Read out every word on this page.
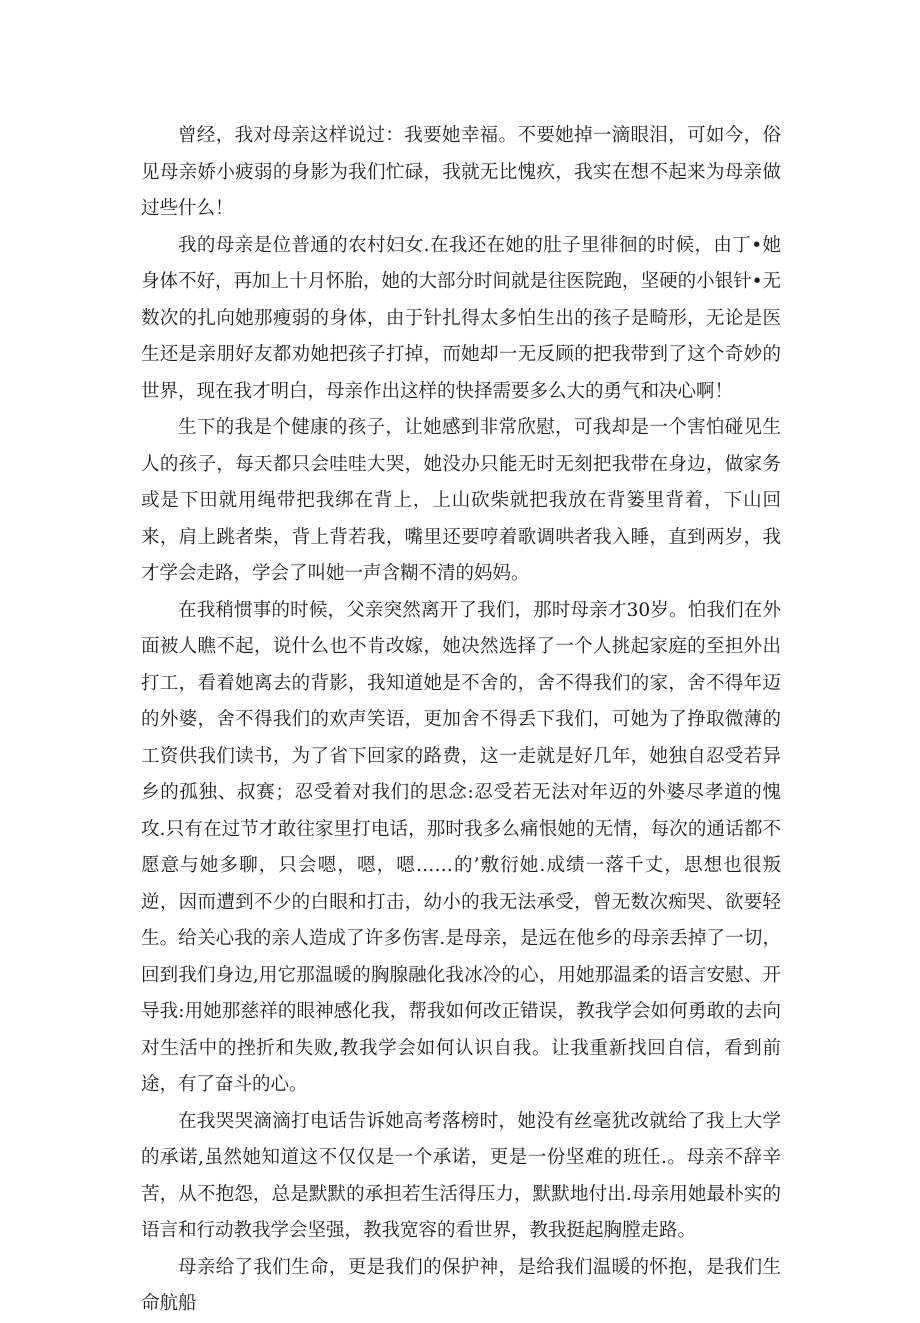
曾经，我对母亲这样说过：我要她幸福。不要她掉一滴眼泪，可如今，俗见母亲娇小疲弱的身影为我们忙碌，我就无比愧疚，我实在想不起来为母亲做过些什么！

我的母亲是位普通的农村妇女.在我还在她的肚子里徘徊的时候，由丁•她身体不好，再加上十月怀胎，她的大部分时间就是往医院跑，坚硬的小银针•无数次的扎向她那瘦弱的身体，由于针扎得太多怕生出的孩子是畸形，无论是医生还是亲朋好友都劝她把孩子打掉，而她却一无反顾的把我带到了这个奇妙的世界，现在我才明白，母亲作出这样的快择需要多么大的勇气和决心啊！

生下的我是个健康的孩子，让她感到非常欣慰，可我却是一个害怕碰见生人的孩子，每天都只会哇哇大哭，她没办只能无时无刻把我带在身边，做家务或是下田就用绳带把我绑在背上，上山砍柴就把我放在背篓里背着，下山回来，肩上跳者柴，背上背若我，嘴里还要哼着歌调哄者我入睡，直到两岁，我才学会走路，学会了叫她一声含糊不清的妈妈。

在我稍惯事的时候，父亲突然离开了我们，那时母亲才30岁。怕我们在外面被人瞧不起，说什么也不肯改嫁，她决然选择了一个人挑起家庭的至担外出打工，看着她离去的背影，我知道她是不舍的，舍不得我们的家，舍不得年迈的外婆，舍不得我们的欢声笑语，更加舍不得丢下我们，可她为了挣取微薄的工资供我们读书，为了省下回家的路费，这一走就是好几年，她独自忍受若异乡的孤独、叔赛；忍受着对我们的思念:忍受若无法对年迈的外婆尽孝道的愧攻.只有在过节才敢往家里打电话，那时我多么痛恨她的无情，每次的通话都不愿意与她多聊，只会嗯，嗯，嗯……的’敷衍她.成绩一落千丈，思想也很叛逆，因而遭到不少的白眼和打击，幼小的我无法承受，曾无数次痴哭、欲要轻生。给关心我的亲人造成了许多伤害.是母亲，是远在他乡的母亲丢掉了一切，回到我们身边,用它那温暖的胸腺融化我冰冷的心，用她那温柔的语言安慰、开导我:用她那慈祥的眼神感化我，帮我如何改正错误，教我学会如何勇敢的去向对生活中的挫折和失败,教我学会如何认识自我。让我重新找回自信，看到前途，有了奋斗的心。

在我哭哭滴滴打电话告诉她高考落榜时，她没有丝毫犹改就给了我上大学的承诺,虽然她知道这不仅仅是一个承诺，更是一份坚难的班任.。母亲不辞辛苦，从不抱怨，总是默默的承担若生活得压力，默默地付出.母亲用她最朴实的语言和行动教我学会坚强，教我宽容的看世界，教我挺起胸膛走路。

母亲给了我们生命，更是我们的保护神，是给我们温暖的怀抱，是我们生命航船
